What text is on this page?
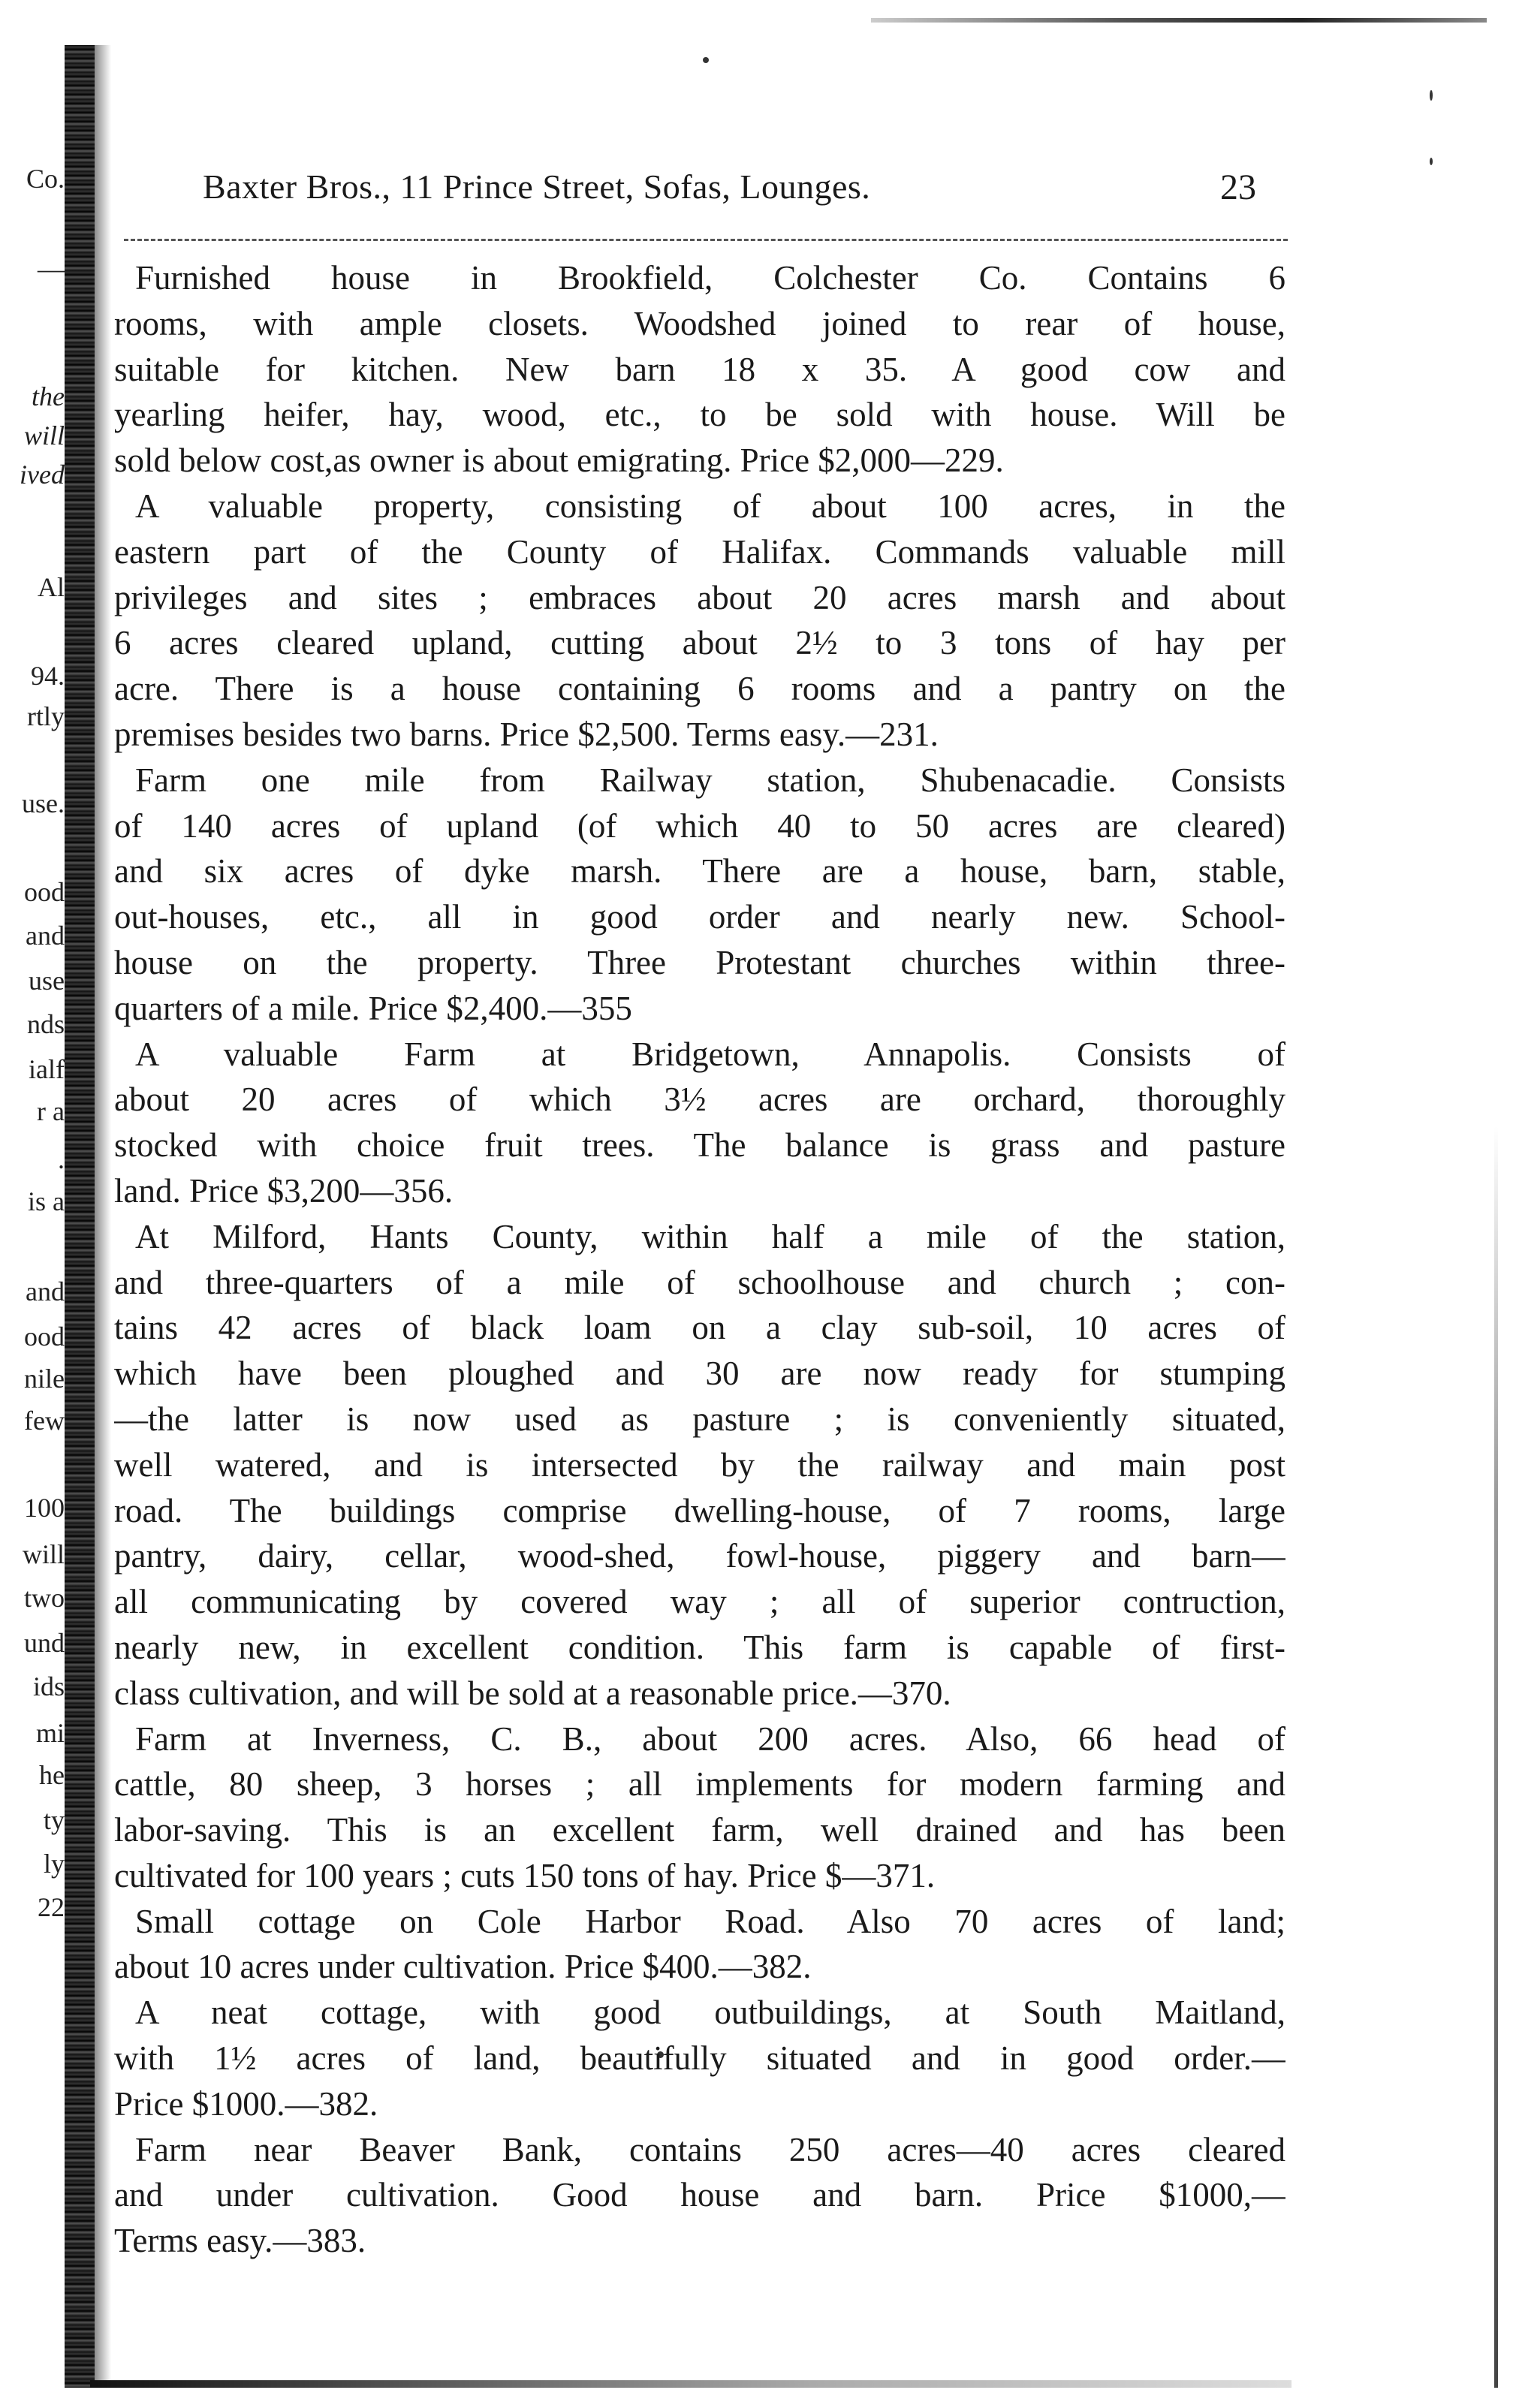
Co.
—
the
will
ived
Al
94.
rtly
use.
ood
and
use
nds
ialf
r a
.
is a
and
ood
nile
few
100
will
two
und
ids
mi
he
ty
ly
22
Baxter Bros., 11 Prince Street, Sofas, Lounges.	23
Furnished house in Brookfield, Colchester Co. Contains 6
rooms, with ample closets. Woodshed joined to rear of house,
suitable for kitchen. New barn 18 x 35. A good cow and
yearling heifer, hay, wood, etc., to be sold with house. Will be
sold below cost,as owner is about emigrating. Price $2,000—229.
A valuable property, consisting of about 100 acres, in the
eastern part of the County of Halifax. Commands valuable mill
privileges and sites ; embraces about 20 acres marsh and about
6 acres cleared upland, cutting about 2½ to 3 tons of hay per
acre. There is a house containing 6 rooms and a pantry on the
premises besides two barns. Price $2,500. Terms easy.—231.
Farm one mile from Railway station, Shubenacadie. Consists
of 140 acres of upland (of which 40 to 50 acres are cleared)
and six acres of dyke marsh. There are a house, barn, stable,
out-houses, etc., all in good order and nearly new. School-
house on the property. Three Protestant churches within three-
quarters of a mile. Price $2,400.—355
A valuable Farm at Bridgetown, Annapolis. Consists of
about 20 acres of which 3½ acres are orchard, thoroughly
stocked with choice fruit trees. The balance is grass and pasture
land. Price $3,200—356.
At Milford, Hants County, within half a mile of the station,
and three-quarters of a mile of schoolhouse and church ; con-
tains 42 acres of black loam on a clay sub-soil, 10 acres of
which have been ploughed and 30 are now ready for stumping
—the latter is now used as pasture ; is conveniently situated,
well watered, and is intersected by the railway and main post
road. The buildings comprise dwelling-house, of 7 rooms, large
pantry, dairy, cellar, wood-shed, fowl-house, piggery and barn—
all communicating by covered way ; all of superior contruction,
nearly new, in excellent condition. This farm is capable of first-
class cultivation, and will be sold at a reasonable price.—370.
Farm at Inverness, C. B., about 200 acres. Also, 66 head of
cattle, 80 sheep, 3 horses ; all implements for modern farming and
labor-saving. This is an excellent farm, well drained and has been
cultivated for 100 years ; cuts 150 tons of hay. Price $—371.
Small cottage on Cole Harbor Road. Also 70 acres of land;
about 10 acres under cultivation. Price $400.—382.
A neat cottage, with good outbuildings, at South Maitland,
with 1½ acres of land, beautifully situated and in good order.—
Price $1000.—382.
Farm near Beaver Bank, contains 250 acres—40 acres cleared
and under cultivation. Good house and barn. Price $1000,—
Terms easy.—383.
